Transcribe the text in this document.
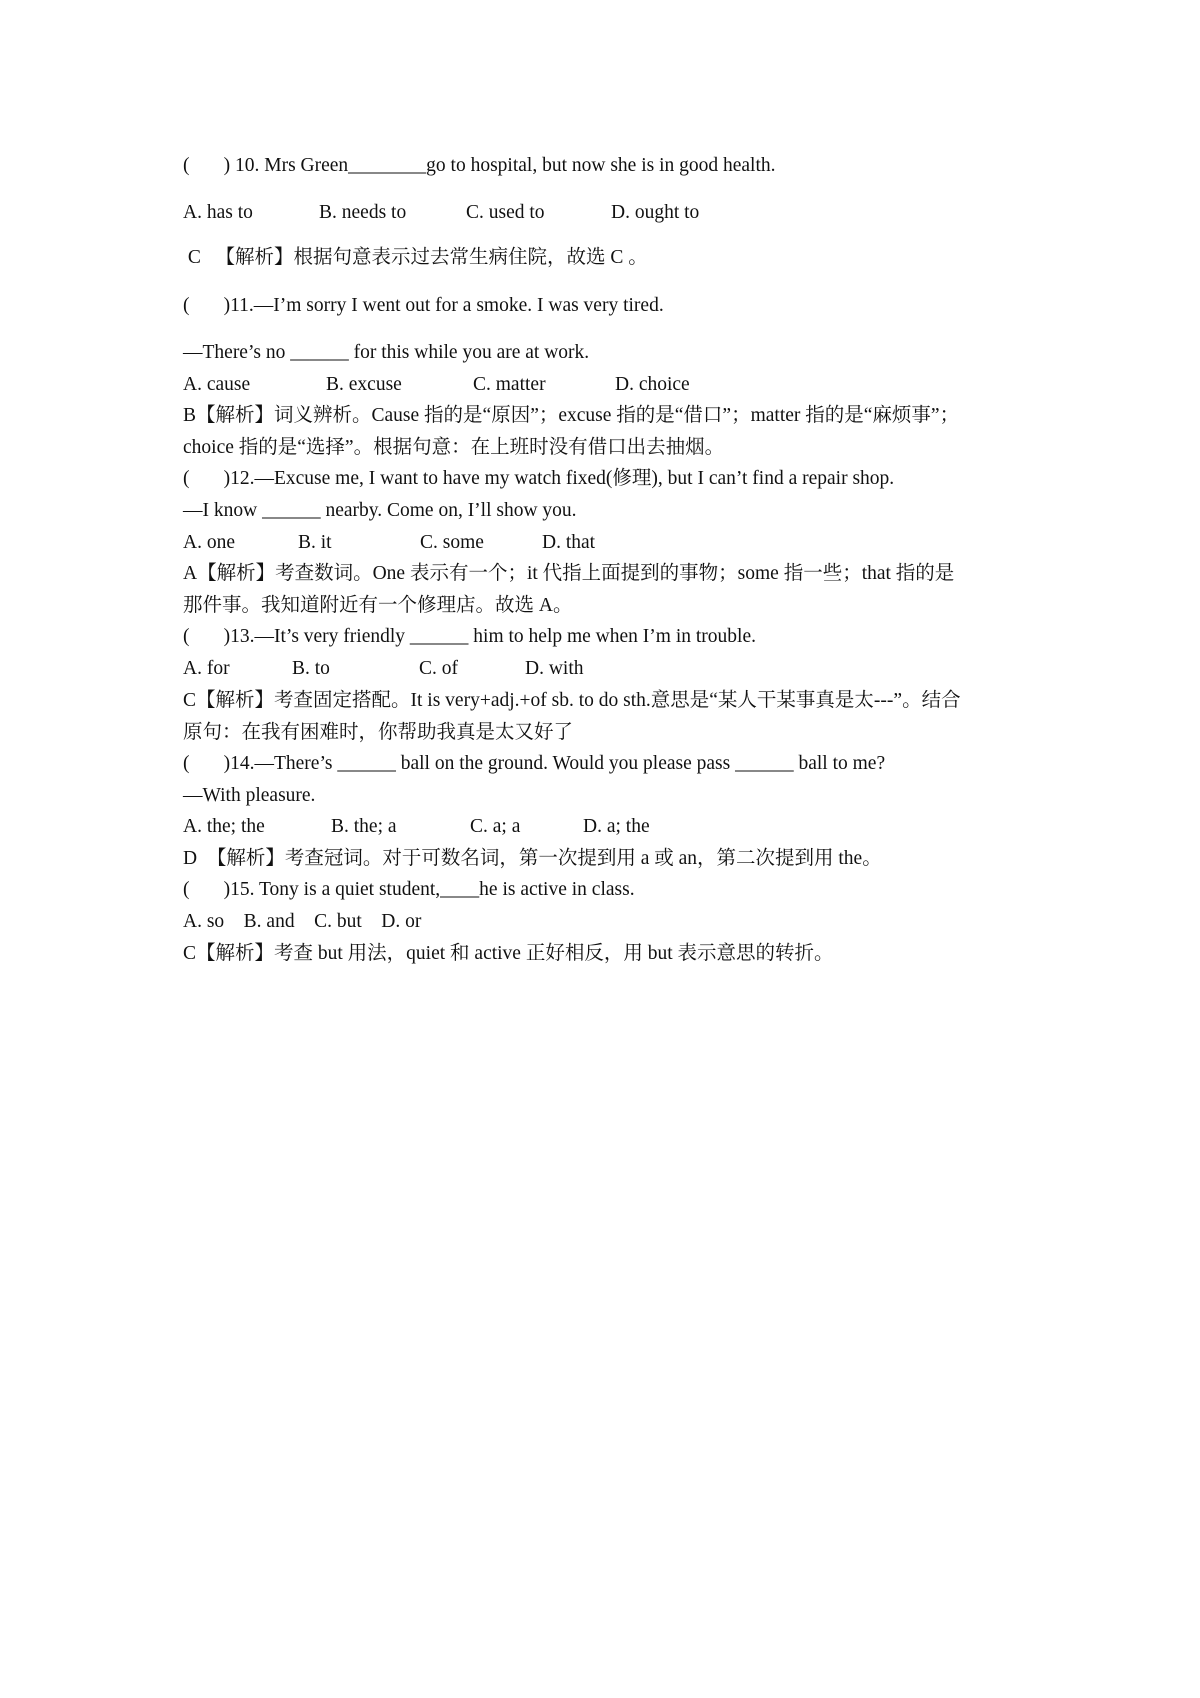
(       ) 10. Mrs Green________go to hospital, but now she is in good health.

A. has to

	B. needs to

	C. used to

	D. ought to

C   【解析】根据句意表示过去常生病住院，故选 C 。
(       )11.—I’m sorry I went out for a smoke. I was very tired.
—There’s no ______ for this while you are at work.

A. cause

	B. excuse

	C. matter

	D. choice

B【解析】词义辨析。Cause 指的是“原因”；excuse 指的是“借口”；matter 指的是“麻烦事”；
choice 指的是“选择”。根据句意：在上班时没有借口出去抽烟。
(       )12.—Excuse me, I want to have my watch fixed(修理), but I can’t find a repair shop.
—I know ______ nearby. Come on, I’ll show you.

A. one

	B. it

	C. some

	D. that

A【解析】考查数词。One 表示有一个；it 代指上面提到的事物；some 指一些；that 指的是
那件事。我知道附近有一个修理店。故选 A。
(       )13.—It’s very friendly ______ him to help me when I’m in trouble.

A. for

	B. to

	C. of

	D. with

C【解析】考查固定搭配。It is very+adj.+of sb. to do sth.意思是“某人干某事真是太---”。结合
原句：在我有困难时，你帮助我真是太又好了
(       )14.—There’s ______ ball on the ground. Would you please pass ______ ball to me?
—With pleasure.

A. the; the

	B. the; a

	C. a; a

	D. a; the

D  【解析】考查冠词。对于可数名词，第一次提到用 a 或 an，第二次提到用 the。
(       )15. Tony is a quiet student,____he is active in class.
A. so    B. and    C. but    D. or
C【解析】考查 but 用法，quiet 和 active 正好相反，用 but 表示意思的转折。
